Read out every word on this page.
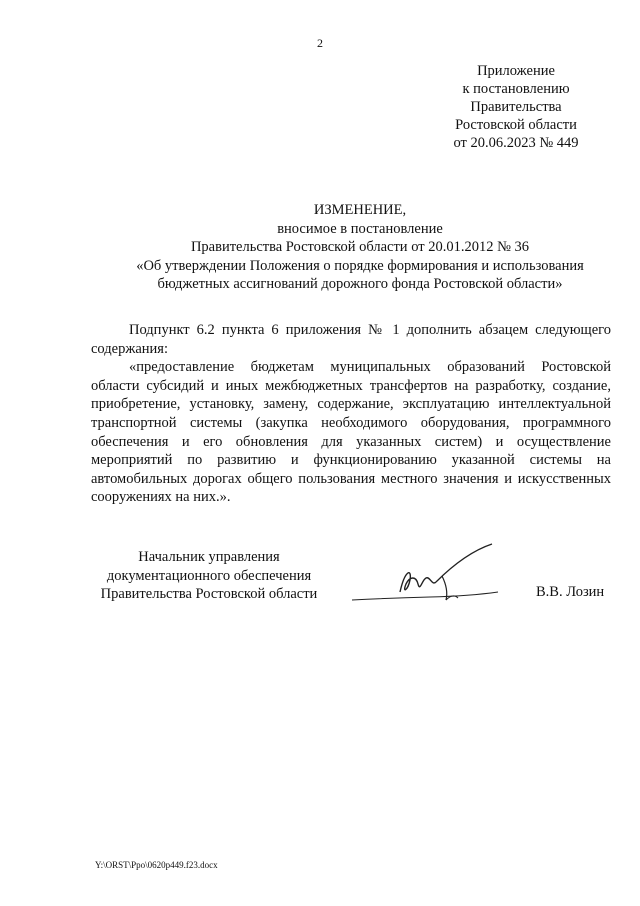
2
Приложение
к постановлению
Правительства
Ростовской области
от 20.06.2023 № 449
ИЗМЕНЕНИЕ,
вносимое в постановление
Правительства Ростовской области от 20.01.2012 № 36
«Об утверждении Положения о порядке формирования и использования
бюджетных ассигнований дорожного фонда Ростовской области»

Подпункт 6.2 пункта 6 приложения № 1 дополнить абзацем следующего содержания:

«предоставление бюджетам муниципальных образований Ростовской области субсидий и иных межбюджетных трансфертов на разработку, создание, приобретение, установку, замену, содержание, эксплуатацию интеллектуальной транспортной системы (закупка необходимого оборудования, программного обеспечения и его обновления для указанных систем) и осуществление мероприятий по развитию и функционированию указанной системы на автомобильных дорогах общего пользования местного значения и искусственных сооружениях на них.».

Начальник управления
документационного обеспечения
Правительства Ростовской области	В.В. Лозин
Y:\ORST\Ppo\0620p449.f23.docx
